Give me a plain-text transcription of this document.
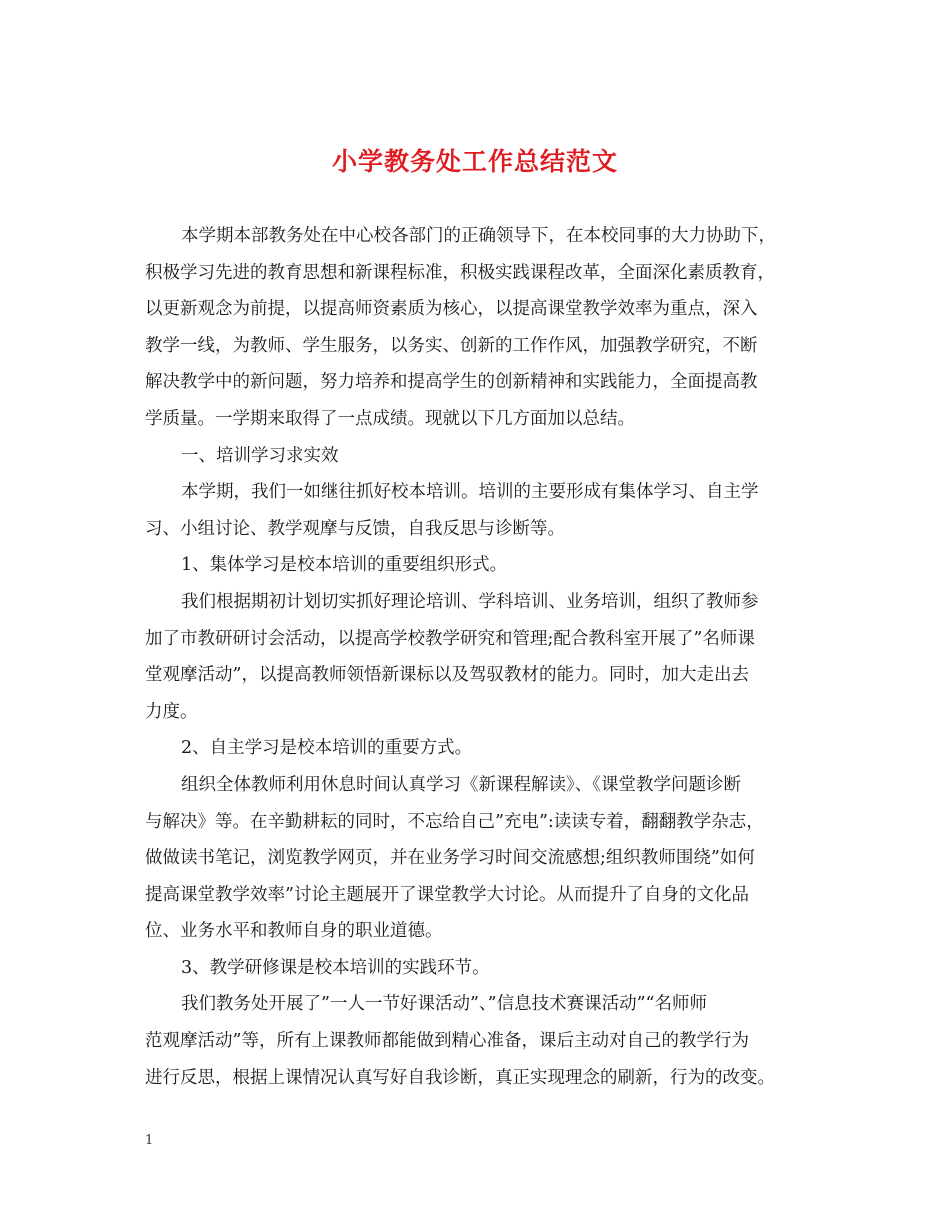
小学教务处工作总结范文
本学期本部教务处在中心校各部门的正确领导下，在本校同事的大力协助下，
积极学习先进的教育思想和新课程标准，积极实践课程改革，全面深化素质教育，
以更新观念为前提，以提高师资素质为核心，以提高课堂教学效率为重点，深入
教学一线，为教师、学生服务，以务实、创新的工作作风，加强教学研究，不断
解决教学中的新问题，努力培养和提高学生的创新精神和实践能力，全面提高教
学质量。一学期来取得了一点成绩。现就以下几方面加以总结。
一、培训学习求实效
本学期，我们一如继往抓好校本培训。培训的主要形成有集体学习、自主学
习、小组讨论、教学观摩与反馈，自我反思与诊断等。
1、集体学习是校本培训的重要组织形式。
我们根据期初计划切实抓好理论培训、学科培训、业务培训，组织了教师参
加了市教研研讨会活动，以提高学校教学研究和管理;配合教科室开展了”名师课
堂观摩活动”，以提高教师领悟新课标以及驾驭教材的能力。同时，加大走出去
力度。
2、自主学习是校本培训的重要方式。
组织全体教师利用休息时间认真学习《新课程解读》、《课堂教学问题诊断
与解决》等。在辛勤耕耘的同时，不忘给自己”充电”:读读专着，翻翻教学杂志，
做做读书笔记，浏览教学网页，并在业务学习时间交流感想;组织教师围绕”如何
提高课堂教学效率”讨论主题展开了课堂教学大讨论。从而提升了自身的文化品
位、业务水平和教师自身的职业道德。
3、教学研修课是校本培训的实践环节。
我们教务处开展了”一人一节好课活动”、”信息技术赛课活动”“名师师
范观摩活动”等，所有上课教师都能做到精心准备，课后主动对自己的教学行为
进行反思，根据上课情况认真写好自我诊断，真正实现理念的刷新，行为的改变。
1
